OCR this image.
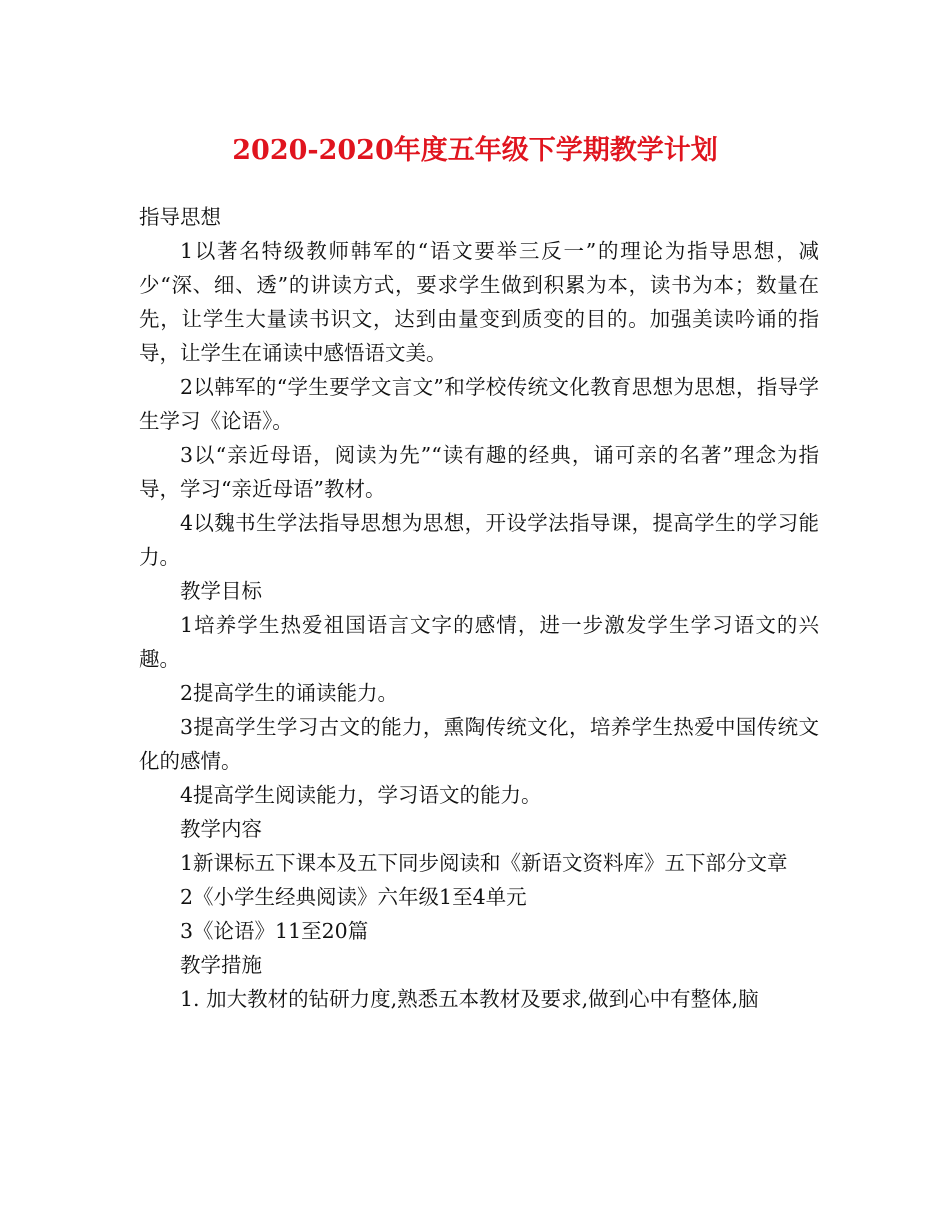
2020-2020年度五年级下学期教学计划

指导思想

1以著名特级教师韩军的“语文要举三反一”的理论为指导思想，减少“深、细、透”的讲读方式，要求学生做到积累为本，读书为本；数量在先，让学生大量读书识文，达到由量变到质变的目的。加强美读吟诵的指导，让学生在诵读中感悟语文美。

2以韩军的“学生要学文言文”和学校传统文化教育思想为思想，指导学生学习《论语》。

3以“亲近母语，阅读为先”“读有趣的经典，诵可亲的名著”理念为指导，学习“亲近母语”教材。

4以魏书生学法指导思想为思想，开设学法指导课，提高学生的学习能力。

教学目标

1培养学生热爱祖国语言文字的感情，进一步激发学生学习语文的兴趣。

2提高学生的诵读能力。

3提高学生学习古文的能力，熏陶传统文化，培养学生热爱中国传统文化的感情。

4提高学生阅读能力，学习语文的能力。

教学内容

1新课标五下课本及五下同步阅读和《新语文资料库》五下部分文章

2《小学生经典阅读》六年级1至4单元

3《论语》11至20篇

教学措施

1. 加大教材的钻研力度,熟悉五本教材及要求,做到心中有整体,脑
